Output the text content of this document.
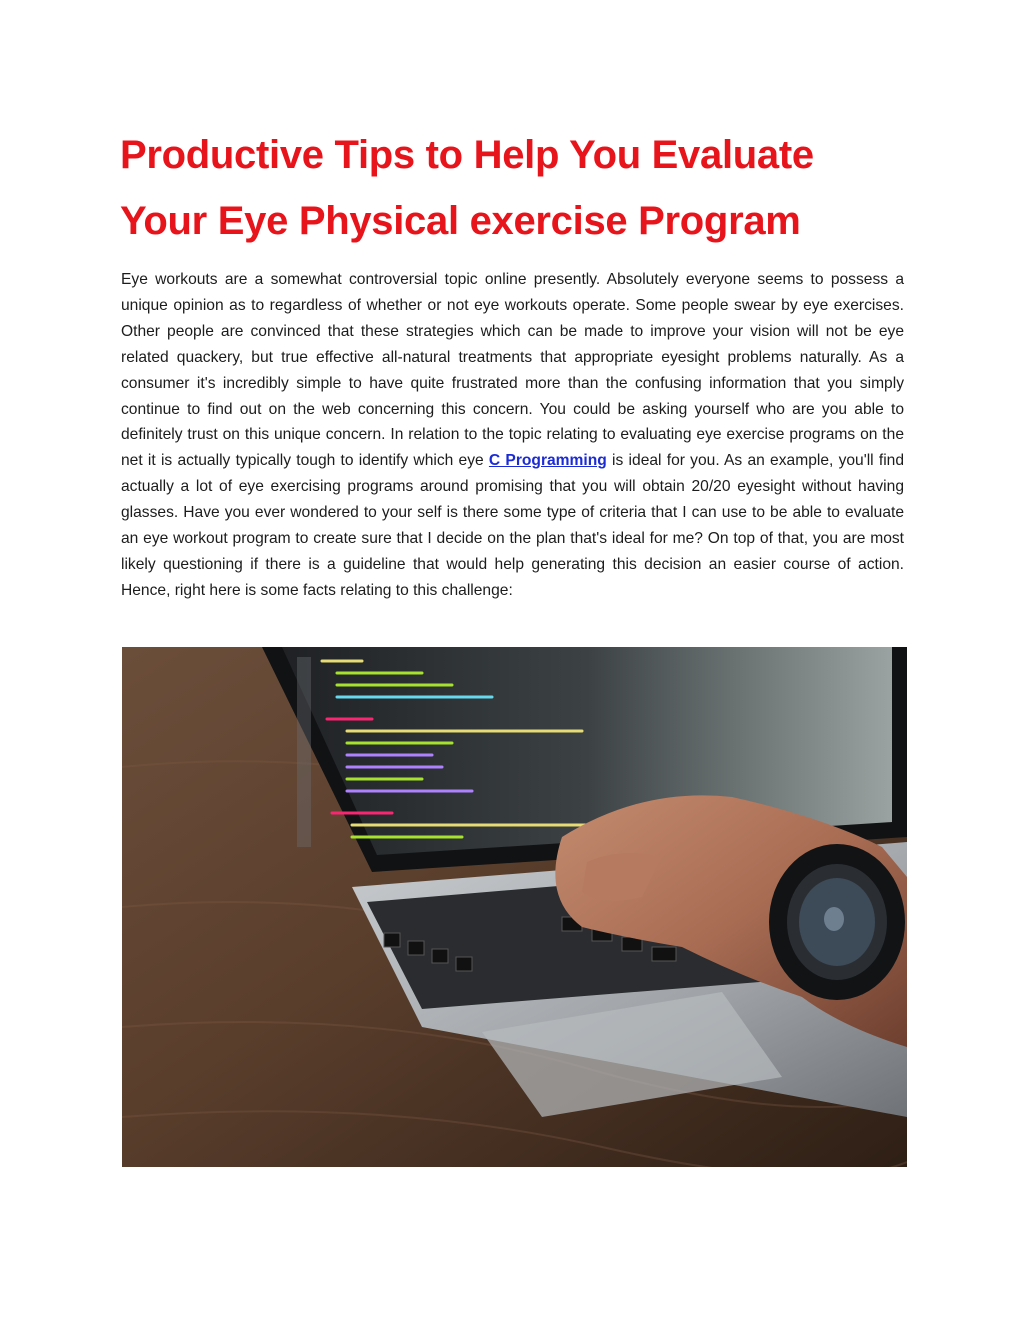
Productive Tips to Help You Evaluate
Your Eye Physical exercise Program

Eye workouts are a somewhat controversial topic online presently. Absolutely everyone seems to possess a unique opinion as to regardless of whether or not eye workouts operate. Some people swear by eye exercises. Other people are convinced that these strategies which can be made to improve your vision will not be eye related quackery, but true effective all-natural treatments that appropriate eyesight problems naturally. As a consumer it's incredibly simple to have quite frustrated more than the confusing information that you simply continue to find out on the web concerning this concern. You could be asking yourself who are you able to definitely trust on this unique concern. In relation to the topic relating to evaluating eye exercise programs on the net it is actually typically tough to identify which eye C Programming is ideal for you. As an example, you'll find actually a lot of eye exercising programs around promising that you will obtain 20/20 eyesight without having glasses. Have you ever wondered to your self is there some type of criteria that I can use to be able to evaluate an eye workout program to create sure that I decide on the plan that's ideal for me? On top of that, you are most likely questioning if there is a guideline that would help generating this decision an easier course of action. Hence, right here is some facts relating to this challenge:
